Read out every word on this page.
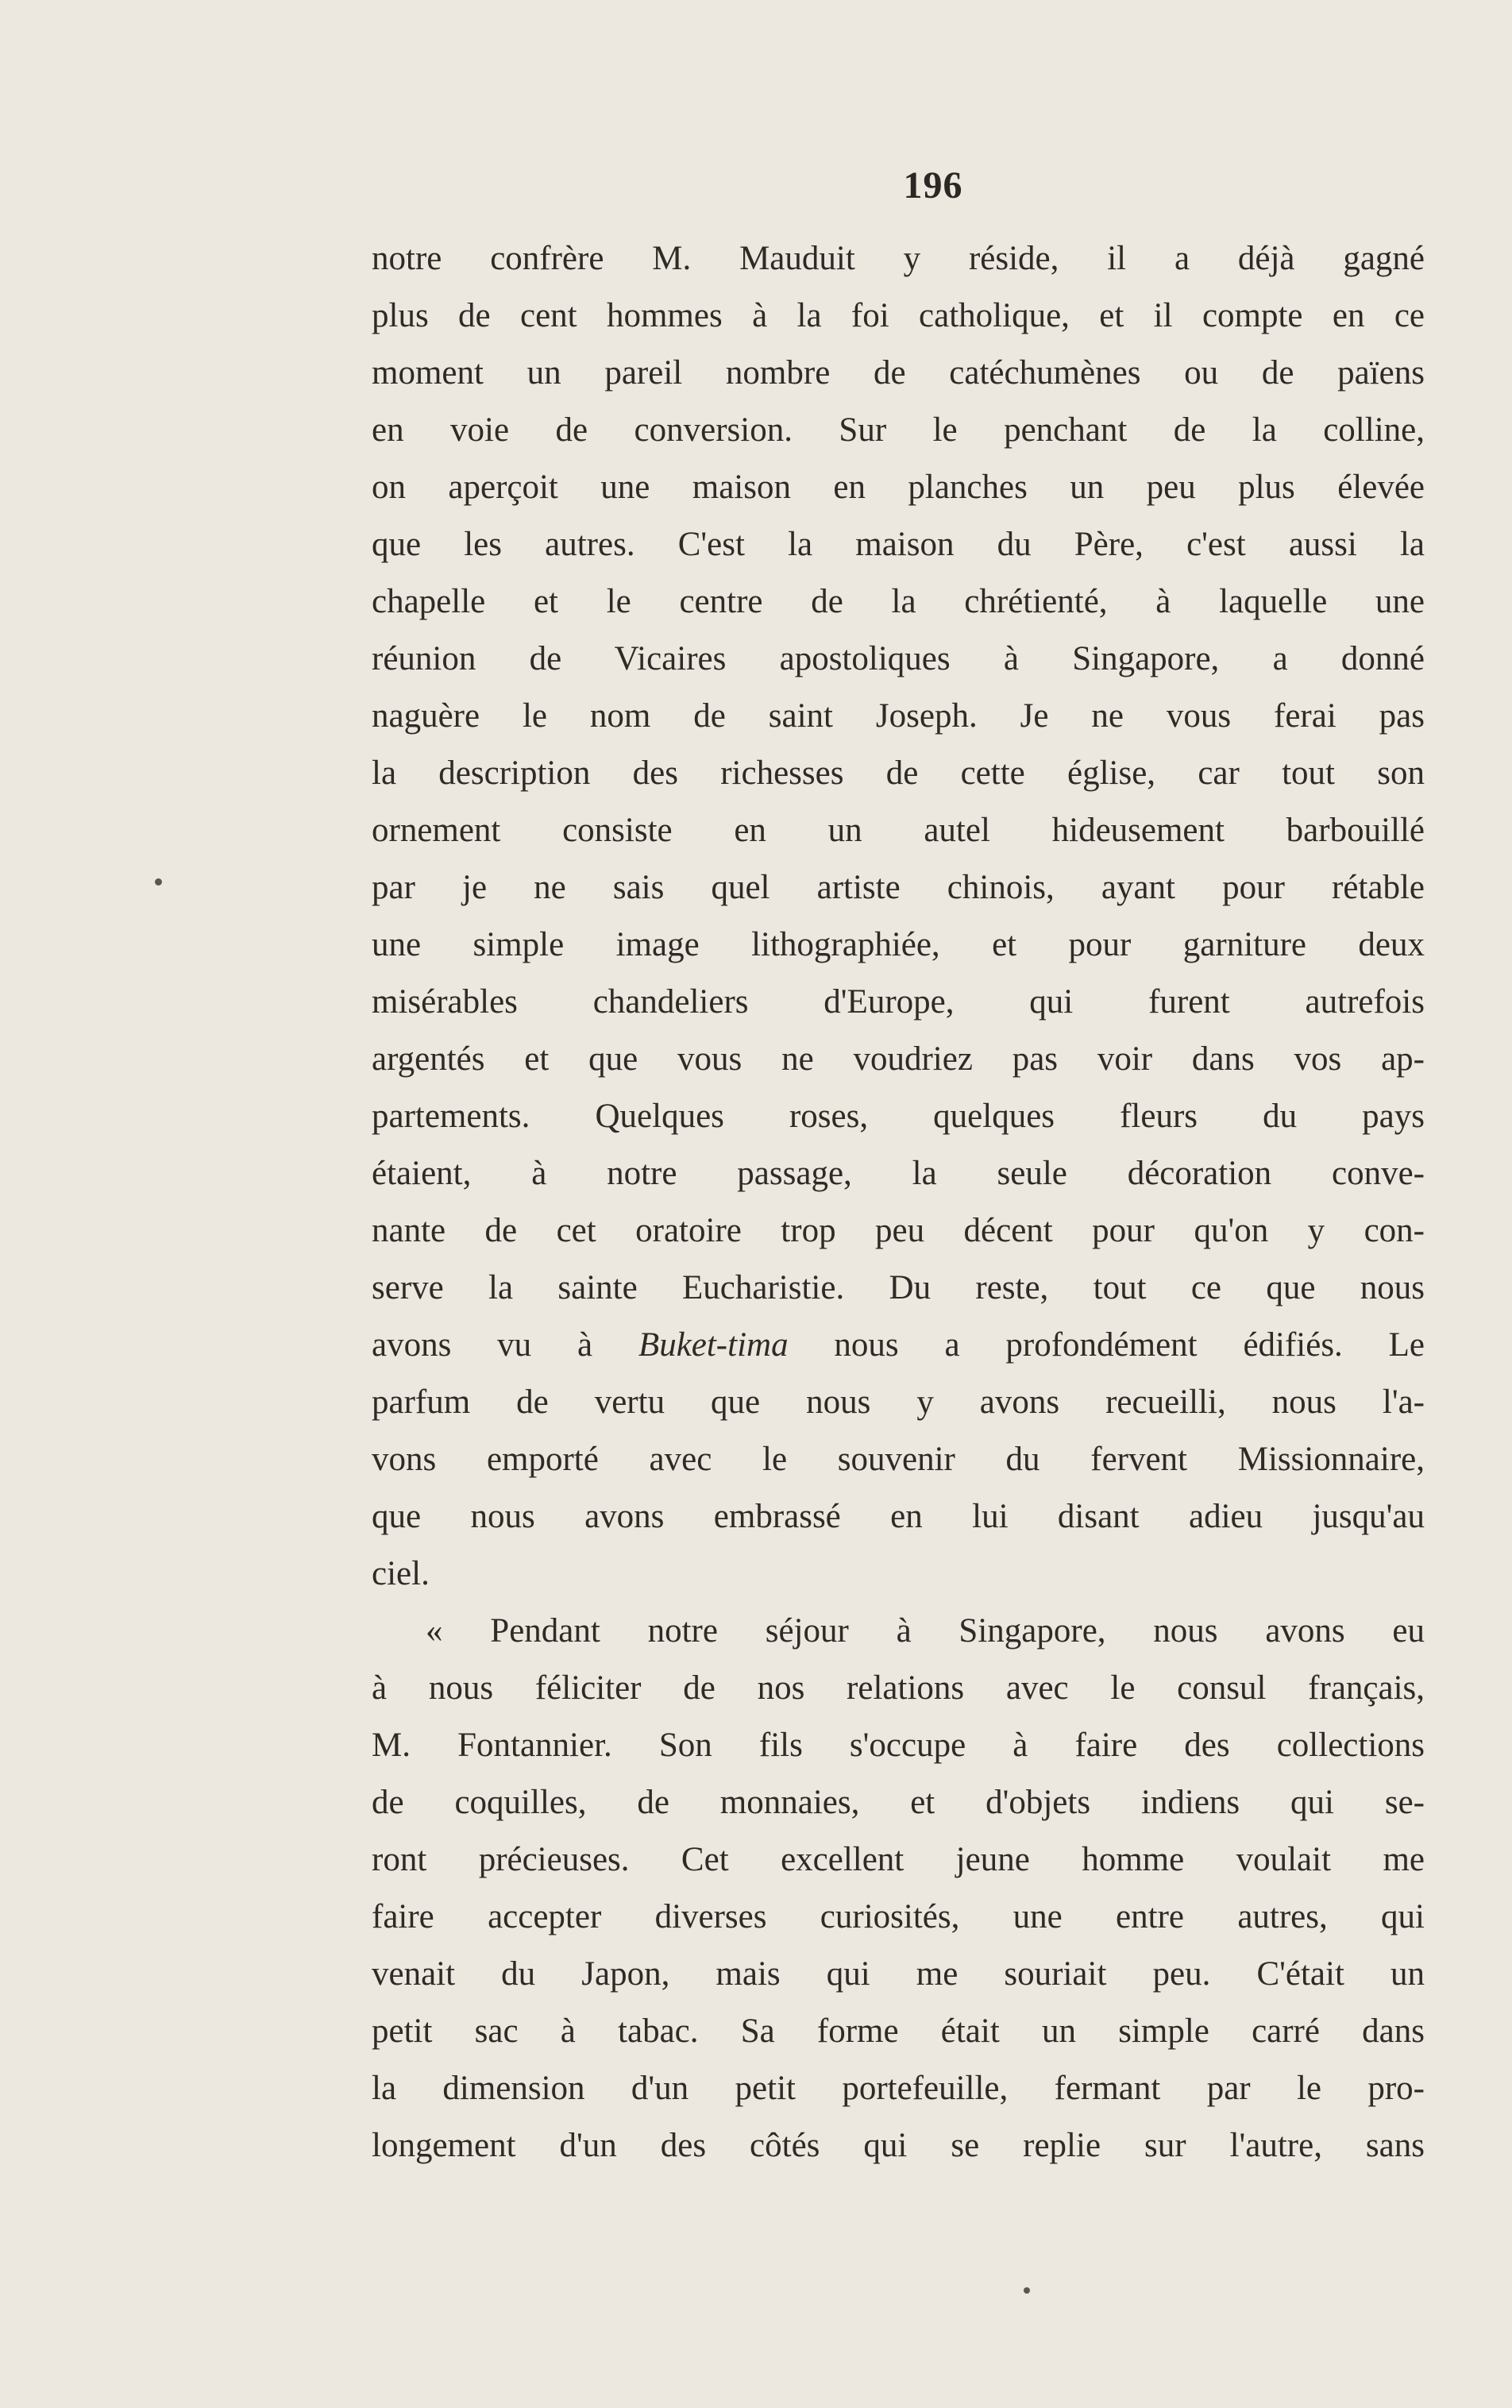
196
notre confrère M. Mauduit y réside, il a déjà gagné
plus de cent hommes à la foi catholique, et il compte en ce
moment un pareil nombre de catéchumènes ou de païens
en voie de conversion. Sur le penchant de la colline,
on aperçoit une maison en planches un peu plus élevée
que les autres. C'est la maison du Père, c'est aussi la
chapelle et le centre de la chrétienté, à laquelle une
réunion de Vicaires apostoliques à Singapore, a donné
naguère le nom de saint Joseph. Je ne vous ferai pas
la description des richesses de cette église, car tout son
ornement consiste en un autel hideusement barbouillé
par je ne sais quel artiste chinois, ayant pour rétable
une simple image lithographiée, et pour garniture deux
misérables chandeliers d'Europe, qui furent autrefois
argentés et que vous ne voudriez pas voir dans vos ap-
partements. Quelques roses, quelques fleurs du pays
étaient, à notre passage, la seule décoration conve-
nante de cet oratoire trop peu décent pour qu'on y con-
serve la sainte Eucharistie. Du reste, tout ce que nous
avons vu à Buket-tima nous a profondément édifiés. Le
parfum de vertu que nous y avons recueilli, nous l'a-
vons emporté avec le souvenir du fervent Missionnaire,
que nous avons embrassé en lui disant adieu jusqu'au
ciel.
« Pendant notre séjour à Singapore, nous avons eu
à nous féliciter de nos relations avec le consul français,
M. Fontannier. Son fils s'occupe à faire des collections
de coquilles, de monnaies, et d'objets indiens qui se-
ront précieuses. Cet excellent jeune homme voulait me
faire accepter diverses curiosités, une entre autres, qui
venait du Japon, mais qui me souriait peu. C'était un
petit sac à tabac. Sa forme était un simple carré dans
la dimension d'un petit portefeuille, fermant par le pro-
longement d'un des côtés qui se replie sur l'autre, sans
